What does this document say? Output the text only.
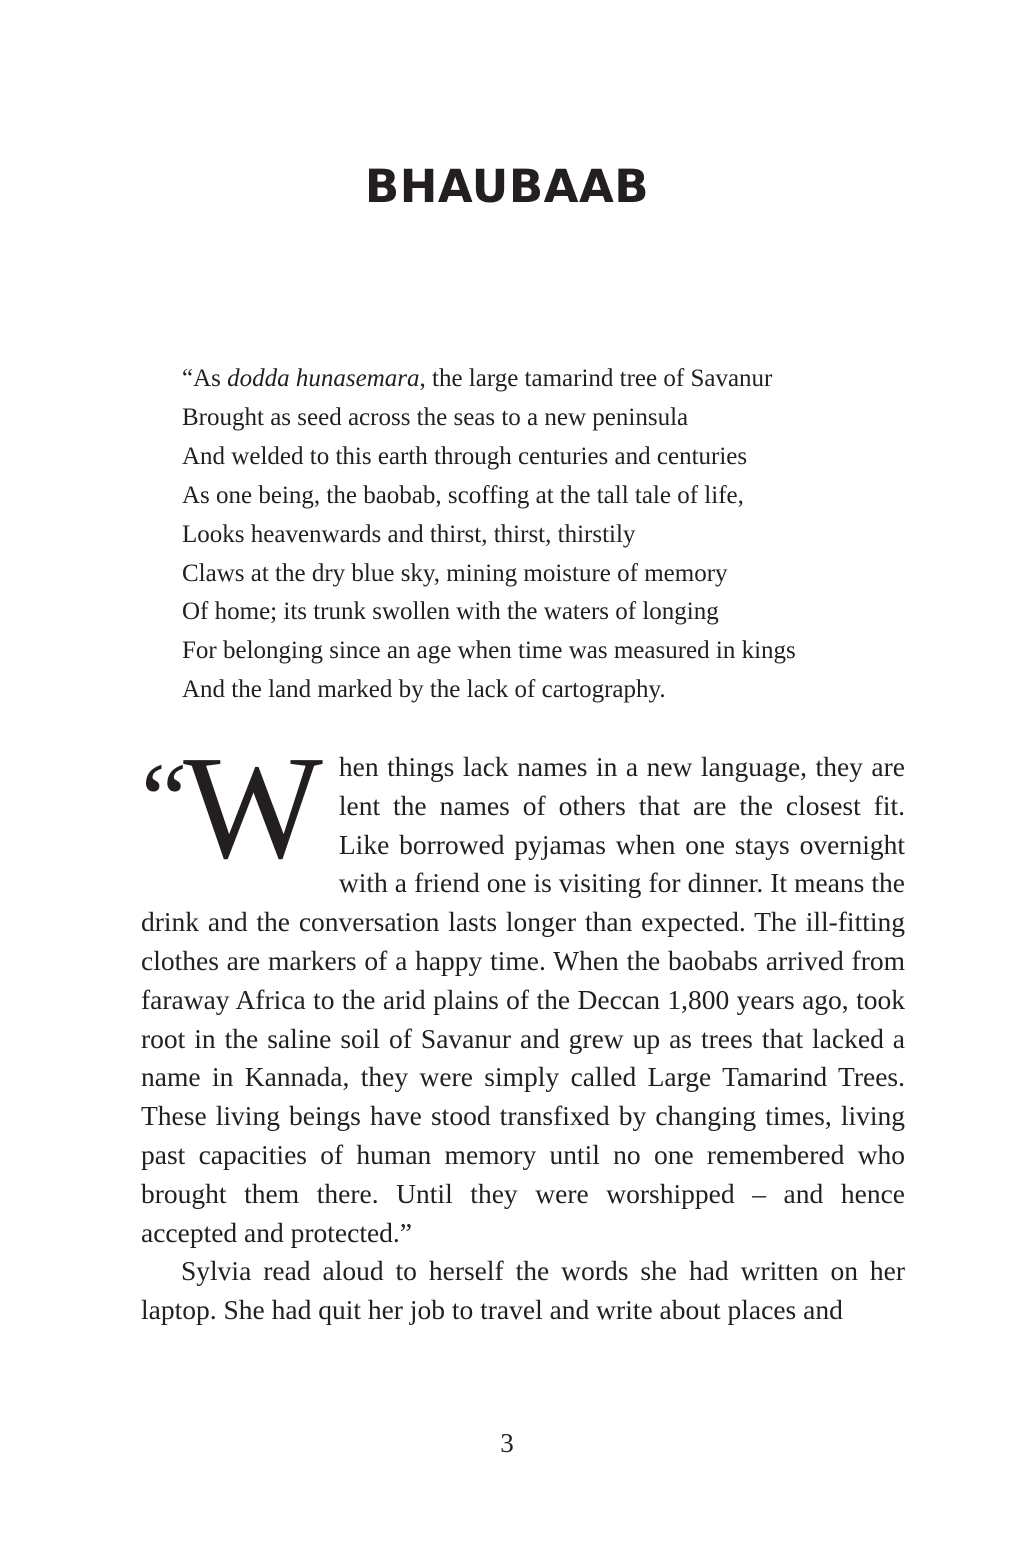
BHAUBAAB
“As dodda hunasemara, the large tamarind tree of Savanur
Brought as seed across the seas to a new peninsula
And welded to this earth through centuries and centuries
As one being, the baobab, scoffing at the tall tale of life,
Looks heavenwards and thirst, thirst, thirstily
Claws at the dry blue sky, mining moisture of memory
Of home; its trunk swollen with the waters of longing
For belonging since an age when time was measured in kings
And the land marked by the lack of cartography.

“W hen things lack names in a new language, they are lent the names of others that are the closest fit. Like borrowed pyjamas when one stays overnight with a friend one is visiting for dinner. It means the drink and the conversation lasts longer than expected. The ill-fitting clothes are markers of a happy time. When the baobabs arrived from faraway Africa to the arid plains of the Deccan 1,800 years ago, took root in the saline soil of Savanur and grew up as trees that lacked a name in Kannada, they were simply called Large Tamarind Trees. These living beings have stood transfixed by changing times, living past capacities of human memory until no one remembered who brought them there. Until they were worshipped – and hence accepted and protected.”

Sylvia read aloud to herself the words she had written on her laptop. She had quit her job to travel and write about places and

3
